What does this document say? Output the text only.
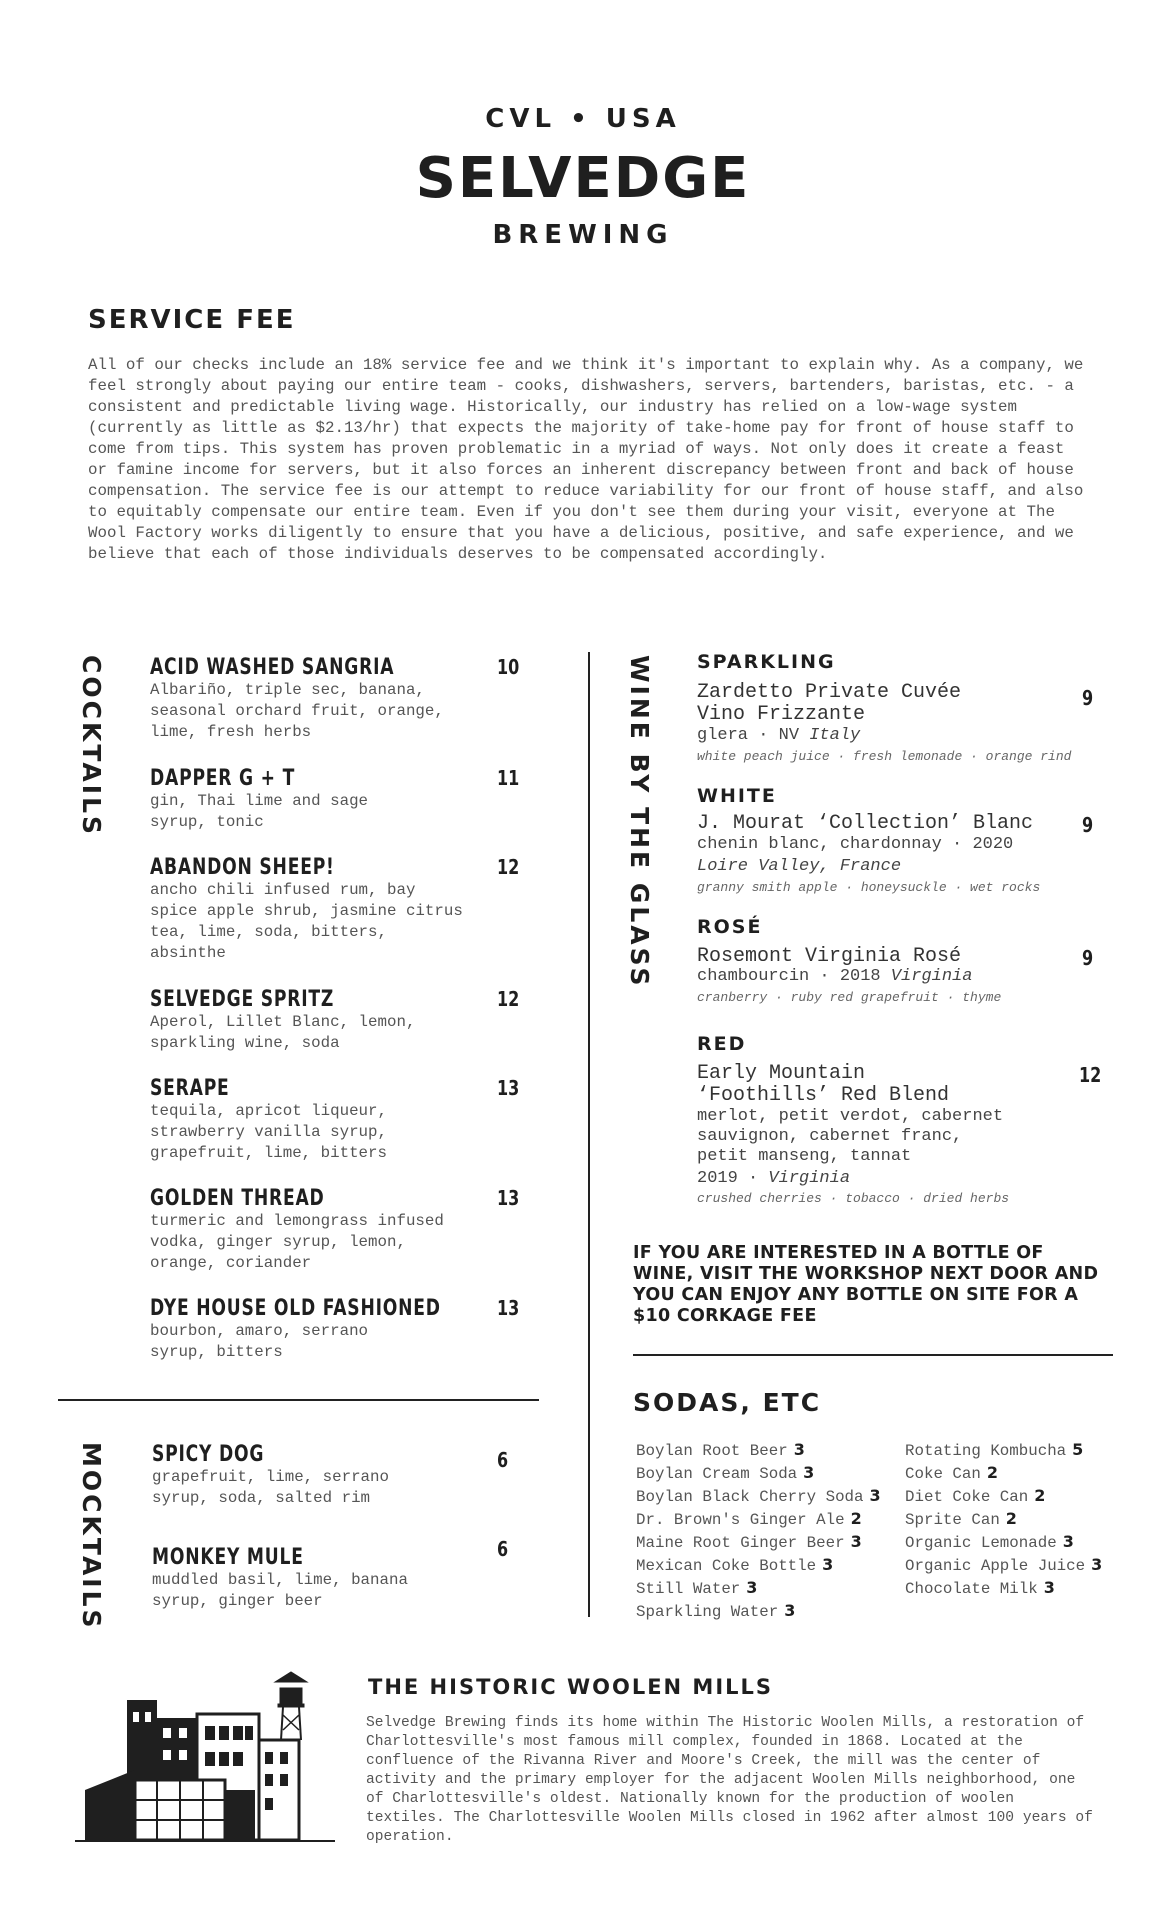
CVL • USA
SELVEDGE
BREWING
SERVICE FEE
All of our checks include an 18% service fee and we think it's important to explain why. As a company, we feel strongly about paying our entire team - cooks, dishwashers, servers, bartenders, baristas, etc. - a consistent and predictable living wage. Historically, our industry has relied on a low-wage system (currently as little as $2.13/hr) that expects the majority of take-home pay for front of house staff to come from tips. This system has proven problematic in a myriad of ways. Not only does it create a feast or famine income for servers, but it also forces an inherent discrepancy between front and back of house compensation. The service fee is our attempt to reduce variability for our front of house staff, and also to equitably compensate our entire team. Even if you don't see them during your visit, everyone at The Wool Factory works diligently to ensure that you have a delicious, positive, and safe experience, and we believe that each of those individuals deserves to be compensated accordingly.
COCKTAILS ACID WASHED SANGRIA
Albariño, triple sec, banana, seasonal orchard fruit, orange, lime, fresh herbs
10
DAPPER G + T
gin, Thai lime and sage syrup, tonic
11
ABANDON SHEEP!
ancho chili infused rum, bay spice apple shrub, jasmine citrus tea, lime, soda, bitters, absinthe
12
SELVEDGE SPRITZ
Aperol, Lillet Blanc, lemon, sparkling wine, soda
12
SERAPE
tequila, apricot liqueur, strawberry vanilla syrup, grapefruit, lime, bitters
13
GOLDEN THREAD
turmeric and lemongrass infused vodka, ginger syrup, lemon, orange, coriander
13
DYE HOUSE OLD FASHIONED
bourbon, amaro, serrano syrup, bitters
13
MOCKTAILS SPICY DOG
grapefruit, lime, serrano syrup, soda, salted rim
6
MONKEY MULE
muddled basil, lime, banana syrup, ginger beer
6
WINE BY THE GLASS SPARKLING
Zardetto Private Cuvée
Vino Frizzante
glera · NV Italy
white peach juice · fresh lemonade · orange rind
9
WHITE
J. Mourat ‘Collection’ Blanc
chenin blanc, chardonnay · 2020
Loire Valley, France
granny smith apple · honeysuckle · wet rocks
9
ROSÉ
Rosemont Virginia Rosé
chambourcin · 2018 Virginia
cranberry · ruby red grapefruit · thyme
9
RED
Early Mountain
‘Foothills’ Red Blend
merlot, petit verdot, cabernet
sauvignon, cabernet franc,
petit manseng, tannat
2019 · Virginia
crushed cherries · tobacco · dried herbs
12
IF YOU ARE INTERESTED IN A BOTTLE OF WINE, VISIT THE WORKSHOP NEXT DOOR AND YOU CAN ENJOY ANY BOTTLE ON SITE FOR A $10 CORKAGE FEE
SODAS, ETC
Boylan Root Beer 3
Boylan Cream Soda 3
Boylan Black Cherry Soda 3
Dr. Brown's Ginger Ale 2
Maine Root Ginger Beer 3
Mexican Coke Bottle 3
Still Water 3
Sparkling Water 3
Rotating Kombucha 5
Coke Can 2
Diet Coke Can 2
Sprite Can 2
Organic Lemonade 3
Organic Apple Juice 3
Chocolate Milk 3
THE HISTORIC WOOLEN MILLS
Selvedge Brewing finds its home within The Historic Woolen Mills, a restoration of Charlottesville's most famous mill complex, founded in 1868. Located at the confluence of the Rivanna River and Moore's Creek, the mill was the center of activity and the primary employer for the adjacent Woolen Mills neighborhood, one of Charlottesville's oldest. Nationally known for the production of woolen textiles. The Charlottesville Woolen Mills closed in 1962 after almost 100 years of operation.
